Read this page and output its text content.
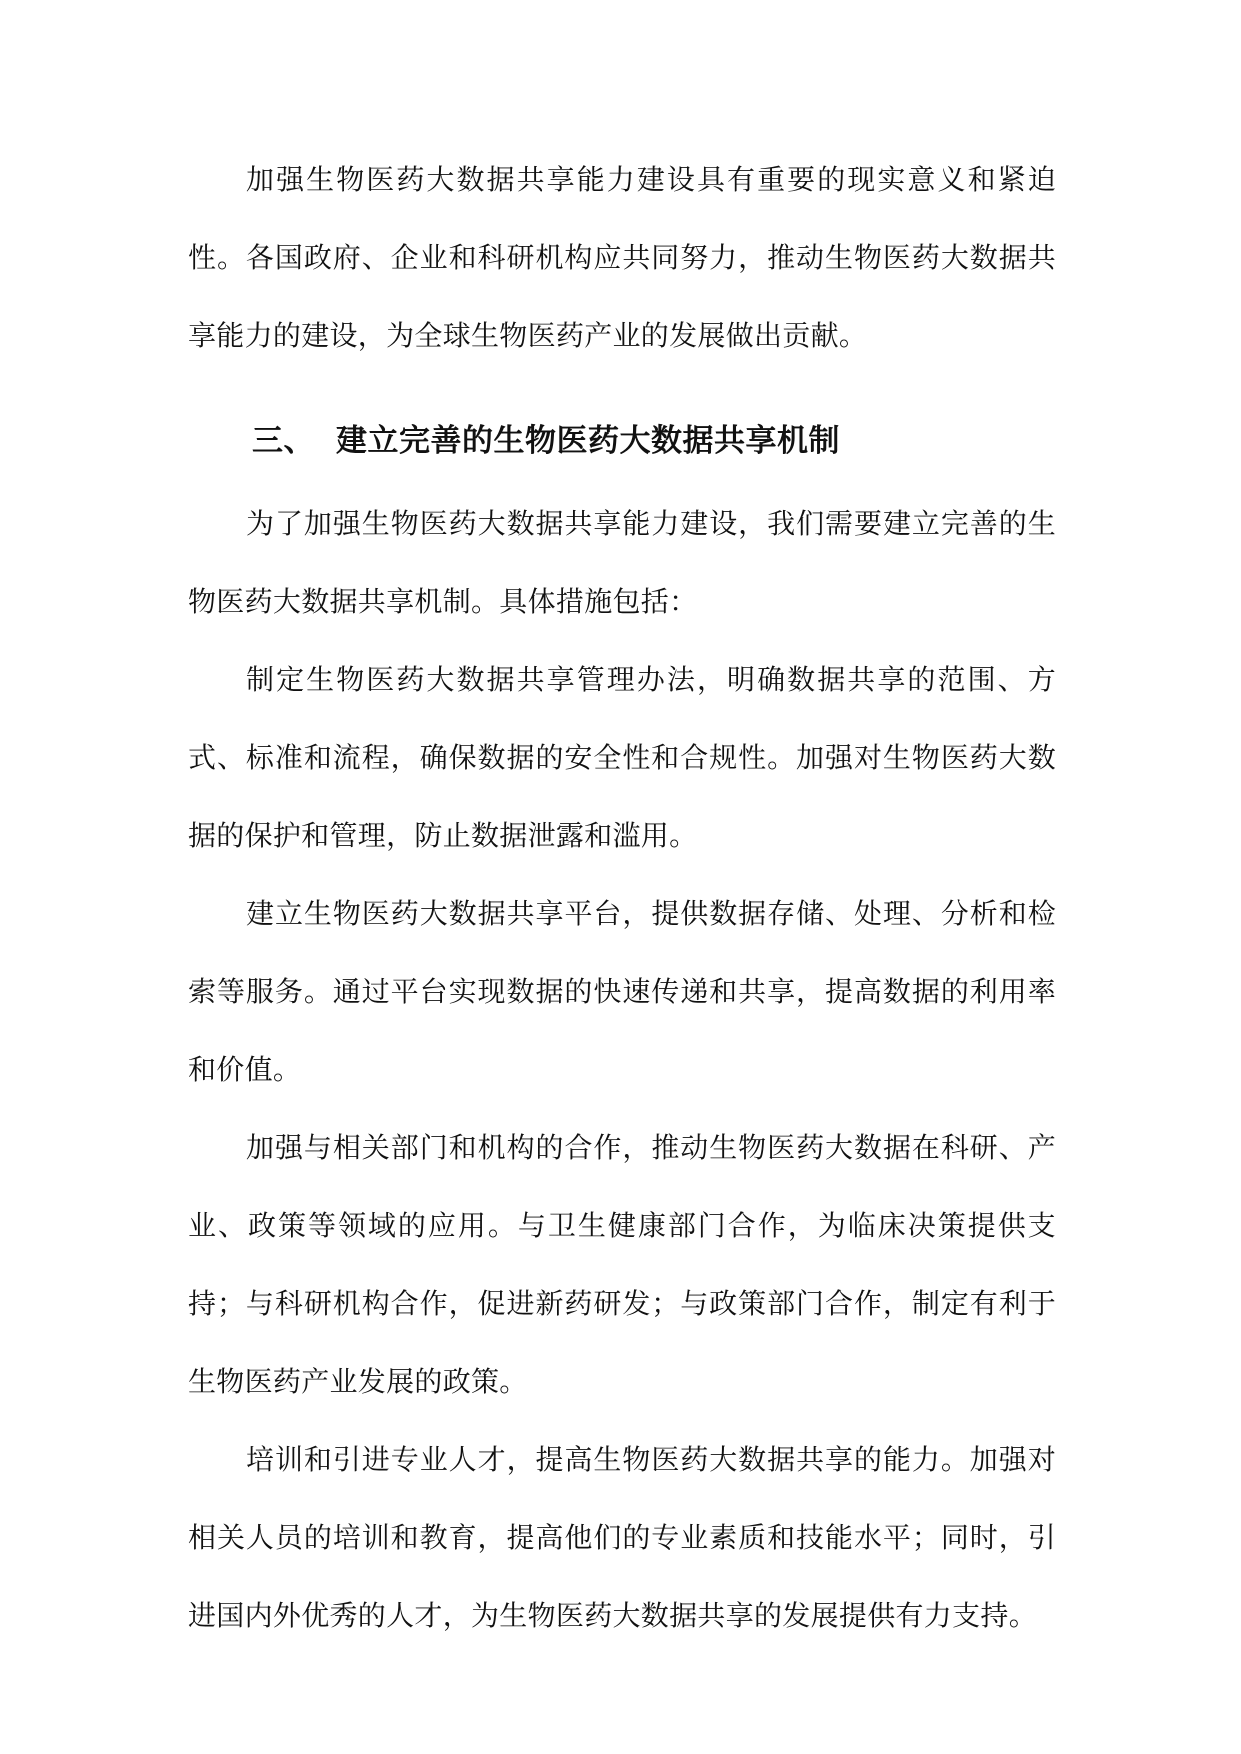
加强生物医药大数据共享能力建设具有重要的现实意义和紧迫性。各国政府、企业和科研机构应共同努力，推动生物医药大数据共享能力的建设，为全球生物医药产业的发展做出贡献。

三、 建立完善的生物医药大数据共享机制

为了加强生物医药大数据共享能力建设，我们需要建立完善的生物医药大数据共享机制。具体措施包括：

制定生物医药大数据共享管理办法，明确数据共享的范围、方式、标准和流程，确保数据的安全性和合规性。加强对生物医药大数据的保护和管理，防止数据泄露和滥用。

建立生物医药大数据共享平台，提供数据存储、处理、分析和检索等服务。通过平台实现数据的快速传递和共享，提高数据的利用率和价值。

加强与相关部门和机构的合作，推动生物医药大数据在科研、产业、政策等领域的应用。与卫生健康部门合作，为临床决策提供支持；与科研机构合作，促进新药研发；与政策部门合作，制定有利于生物医药产业发展的政策。

培训和引进专业人才，提高生物医药大数据共享的能力。加强对相关人员的培训和教育，提高他们的专业素质和技能水平；同时，引进国内外优秀的人才，为生物医药大数据共享的发展提供有力支持。
